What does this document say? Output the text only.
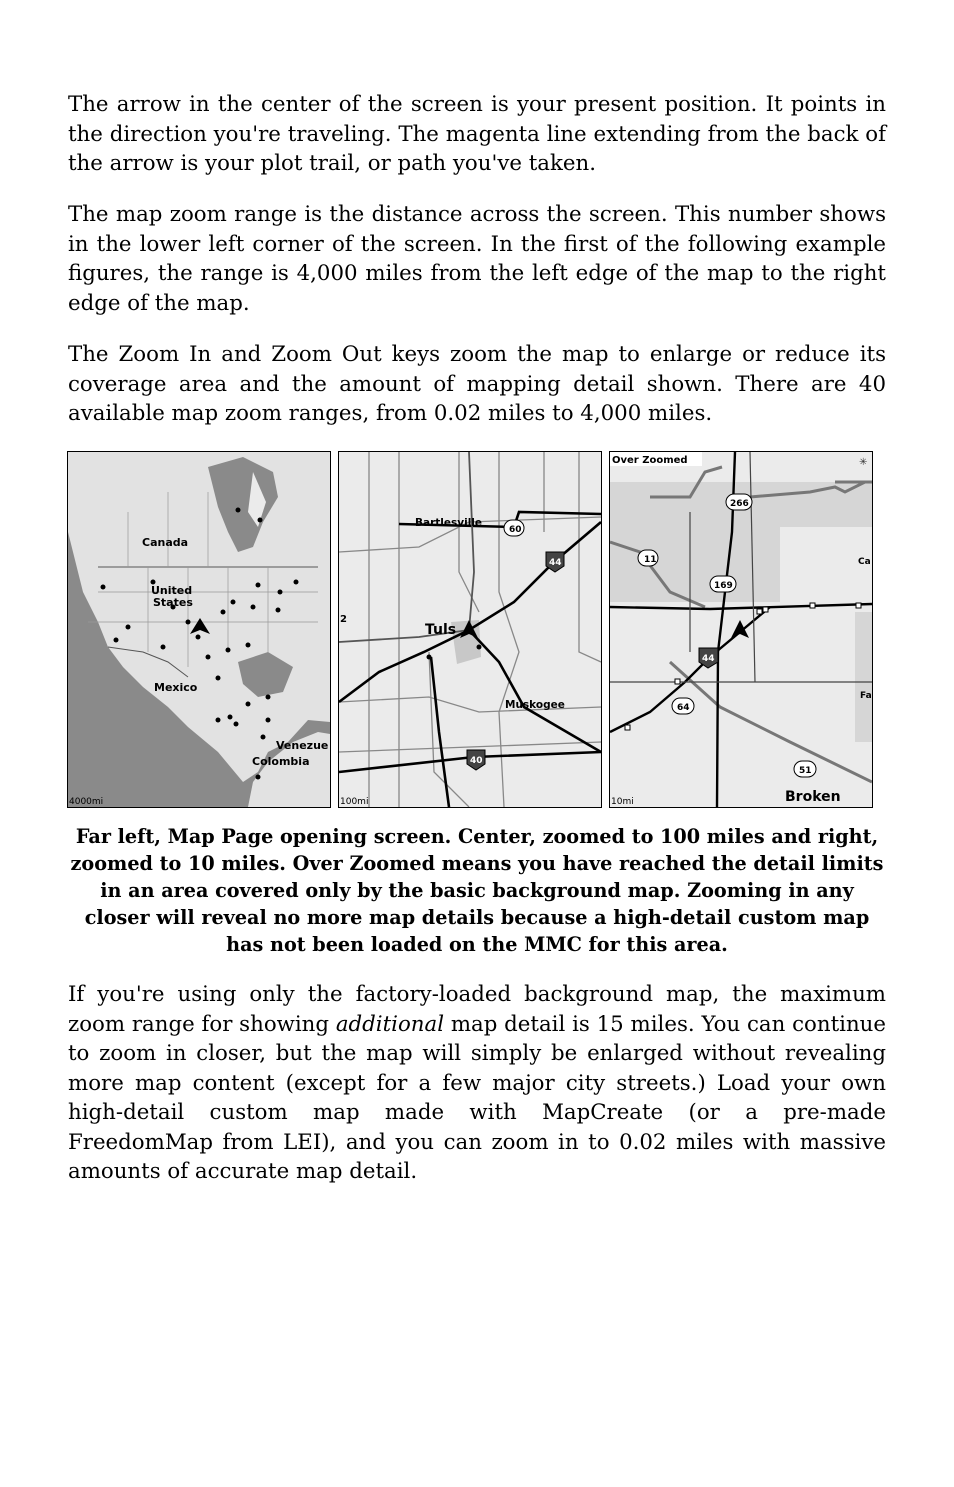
The arrow in the center of the screen is your present position. It points in the direction you're traveling. The magenta line extending from the back of the arrow is your plot trail, or path you've taken.

The map zoom range is the distance across the screen. This number shows in the lower left corner of the screen. In the first of the following example figures, the range is 4,000 miles from the left edge of the map to the right edge of the map.

The Zoom In and Zoom Out keys zoom the map to enlarge or reduce its coverage area and the amount of mapping detail shown. There are 40 available map zoom ranges, from 0.02 miles to 4,000 miles.

Canada
United
States
Mexico
Venezue
Colombia
4000mi
60
44
40
Bartlesville
Tuls
Muskogee
2
100mi
Over Zoomed	✳
266
11
169
44
64
51
Broken
Ca
Fa
10mi

Far left, Map Page opening screen. Center, zoomed to 100 miles and right, zoomed to 10 miles. Over Zoomed means you have reached the detail limits in an area covered only by the basic background map. Zooming in any closer will reveal no more map details because a high-detail custom map has not been loaded on the MMC for this area.

If you're using only the factory-loaded background map, the maximum zoom range for showing additional map detail is 15 miles. You can continue to zoom in closer, but the map will simply be enlarged without revealing more map content (except for a few major city streets.) Load your own high-detail custom map made with MapCreate (or a pre-made FreedomMap from LEI), and you can zoom in to 0.02 miles with massive amounts of accurate map detail.
